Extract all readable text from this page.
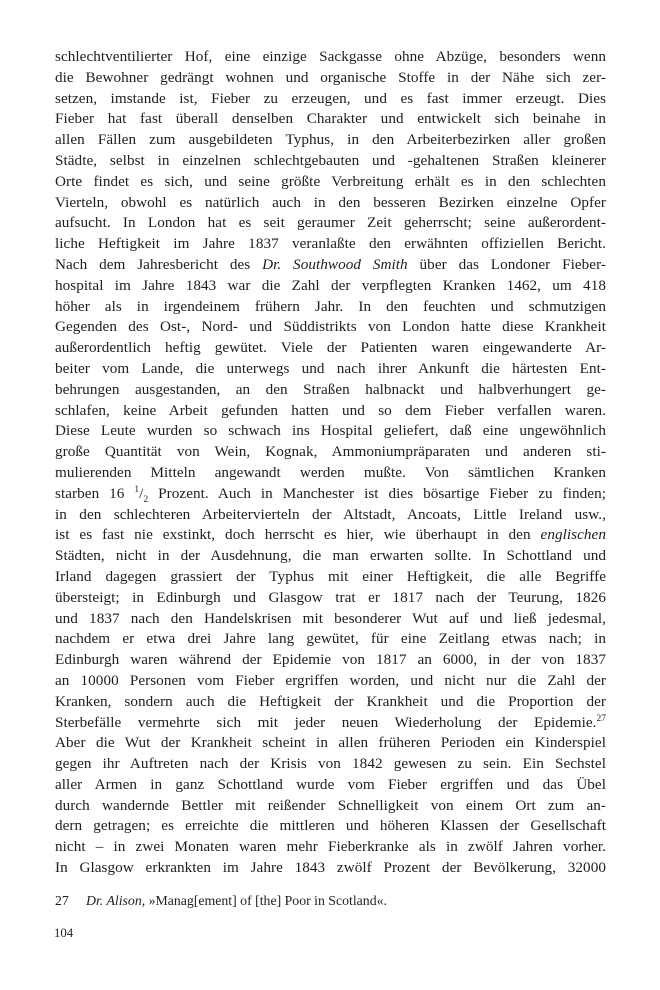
schlechtventilierter Hof, eine einzige Sackgasse ohne Abzüge, besonders wenn
die Bewohner gedrängt wohnen und organische Stoffe in der Nähe sich zer-
setzen, imstande ist, Fieber zu erzeugen, und es fast immer erzeugt. Dies
Fieber hat fast überall denselben Charakter und entwickelt sich beinahe in
allen Fällen zum ausgebildeten Typhus, in den Arbeiterbezirken aller großen
Städte, selbst in einzelnen schlechtgebauten und -gehaltenen Straßen kleinerer
Orte findet es sich, und seine größte Verbreitung erhält es in den schlechten
Vierteln, obwohl es natürlich auch in den besseren Bezirken einzelne Opfer
aufsucht. In London hat es seit geraumer Zeit geherrscht; seine außerordent-
liche Heftigkeit im Jahre 1837 veranlaßte den erwähnten offiziellen Bericht.
Nach dem Jahresbericht des Dr. Southwood Smith über das Londoner Fieber-
hospital im Jahre 1843 war die Zahl der verpflegten Kranken 1462, um 418
höher als in irgendeinem frühern Jahr. In den feuchten und schmutzigen
Gegenden des Ost-, Nord- und Süddistrikts von London hatte diese Krankheit
außerordentlich heftig gewütet. Viele der Patienten waren eingewanderte Ar-
beiter vom Lande, die unterwegs und nach ihrer Ankunft die härtesten Ent-
behrungen ausgestanden, an den Straßen halbnackt und halbverhungert ge-
schlafen, keine Arbeit gefunden hatten und so dem Fieber verfallen waren.
Diese Leute wurden so schwach ins Hospital geliefert, daß eine ungewöhnlich
große Quantität von Wein, Kognak, Ammoniumpräparaten und anderen sti-
mulierenden Mitteln angewandt werden mußte. Von sämtlichen Kranken
starben 16 $^1/_2$ Prozent. Auch in Manchester ist dies bösartige Fieber zu finden;
in den schlechteren Arbeitervierteln der Altstadt, Ancoats, Little Ireland usw.,
ist es fast nie exstinkt, doch herrscht es hier, wie überhaupt in den englischen
Städten, nicht in der Ausdehnung, die man erwarten sollte. In Schottland und
Irland dagegen grassiert der Typhus mit einer Heftigkeit, die alle Begriffe
übersteigt; in Edinburgh und Glasgow trat er 1817 nach der Teurung, 1826
und 1837 nach den Handelskrisen mit besonderer Wut auf und ließ jedesmal,
nachdem er etwa drei Jahre lang gewütet, für eine Zeitlang etwas nach; in
Edinburgh waren während der Epidemie von 1817 an 6000, in der von 1837
an 10000 Personen vom Fieber ergriffen worden, und nicht nur die Zahl der
Kranken, sondern auch die Heftigkeit der Krankheit und die Proportion der
Sterbefälle vermehrte sich mit jeder neuen Wiederholung der Epidemie.$^{27}$
Aber die Wut der Krankheit scheint in allen früheren Perioden ein Kinderspiel
gegen ihr Auftreten nach der Krisis von 1842 gewesen zu sein. Ein Sechstel
aller Armen in ganz Schottland wurde vom Fieber ergriffen und das Übel
durch wandernde Bettler mit reißender Schnelligkeit von einem Ort zum an-
dern getragen; es erreichte die mittleren und höheren Klassen der Gesellschaft
nicht – in zwei Monaten waren mehr Fieberkranke als in zwölf Jahren vorher.
In Glasgow erkrankten im Jahre 1843 zwölf Prozent der Bevölkerung, 32000
27	Dr. Alison, »Manag[ement] of [the] Poor in Scotland«.
104
